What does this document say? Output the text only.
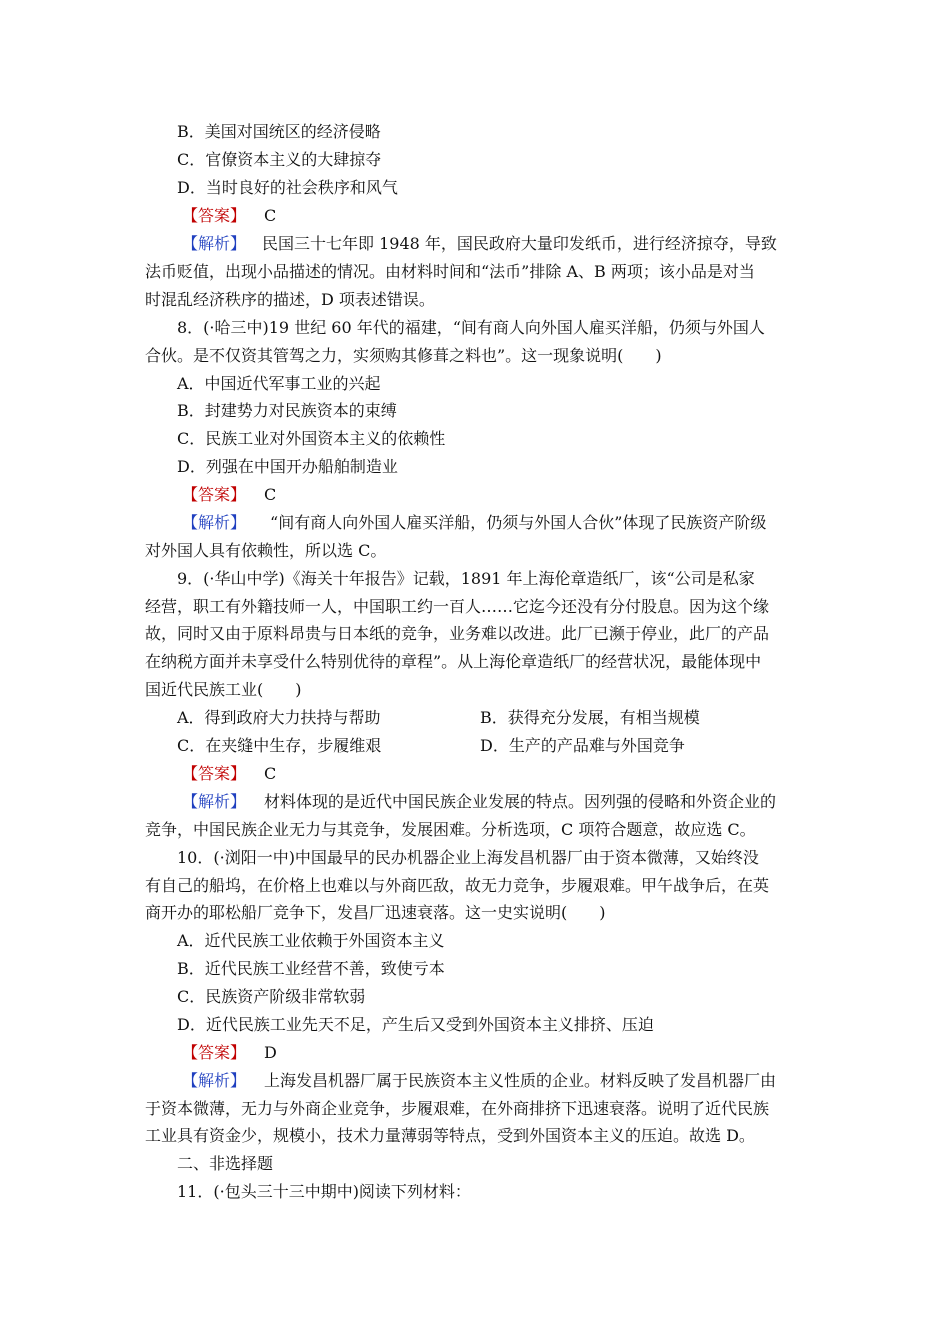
B．美国对国统区的经济侵略
C．官僚资本主义的大肆掠夺
D．当时良好的社会秩序和风气
【答案】 C
【解析】 民国三十七年即 1948 年，国民政府大量印发纸币，进行经济掠夺，导致
法币贬值，出现小品描述的情况。由材料时间和“法币”排除 A、B 两项；该小品是对当
时混乱经济秩序的描述，D 项表述错误。
8．(·哈三中)19 世纪 60 年代的福建，“间有商人向外国人雇买洋船，仍须与外国人
合伙。是不仅资其管驾之力，实须购其修葺之料也”。这一现象说明(　　)
A．中国近代军事工业的兴起
B．封建势力对民族资本的束缚
C．民族工业对外国资本主义的依赖性
D．列强在中国开办船舶制造业
【答案】 C
【解析】 “间有商人向外国人雇买洋船，仍须与外国人合伙”体现了民族资产阶级
对外国人具有依赖性，所以选 C。
9．(·华山中学)《海关十年报告》记载，1891 年上海伦章造纸厂，该“公司是私家
经营，职工有外籍技师一人，中国职工约一百人……它迄今还没有分付股息。因为这个缘
故，同时又由于原料昂贵与日本纸的竞争，业务难以改进。此厂已濒于停业，此厂的产品
在纳税方面并未享受什么特别优待的章程”。从上海伦章造纸厂的经营状况，最能体现中
国近代民族工业(　　)
A．得到政府大力扶持与帮助	B．获得充分发展，有相当规模
C．在夹缝中生存，步履维艰	D．生产的产品难与外国竞争
【答案】 C
【解析】 材料体现的是近代中国民族企业发展的特点。因列强的侵略和外资企业的
竞争，中国民族企业无力与其竞争，发展困难。分析选项，C 项符合题意，故应选 C。
10．(·浏阳一中)中国最早的民办机器企业上海发昌机器厂由于资本微薄，又始终没
有自己的船坞，在价格上也难以与外商匹敌，故无力竞争，步履艰难。甲午战争后，在英
商开办的耶松船厂竞争下，发昌厂迅速衰落。这一史实说明(　　)
A．近代民族工业依赖于外国资本主义
B．近代民族工业经营不善，致使亏本
C．民族资产阶级非常软弱
D．近代民族工业先天不足，产生后又受到外国资本主义排挤、压迫
【答案】 D
【解析】 上海发昌机器厂属于民族资本主义性质的企业。材料反映了发昌机器厂由
于资本微薄，无力与外商企业竞争，步履艰难，在外商排挤下迅速衰落。说明了近代民族
工业具有资金少，规模小，技术力量薄弱等特点，受到外国资本主义的压迫。故选 D。
二、非选择题
11．(·包头三十三中期中)阅读下列材料：
